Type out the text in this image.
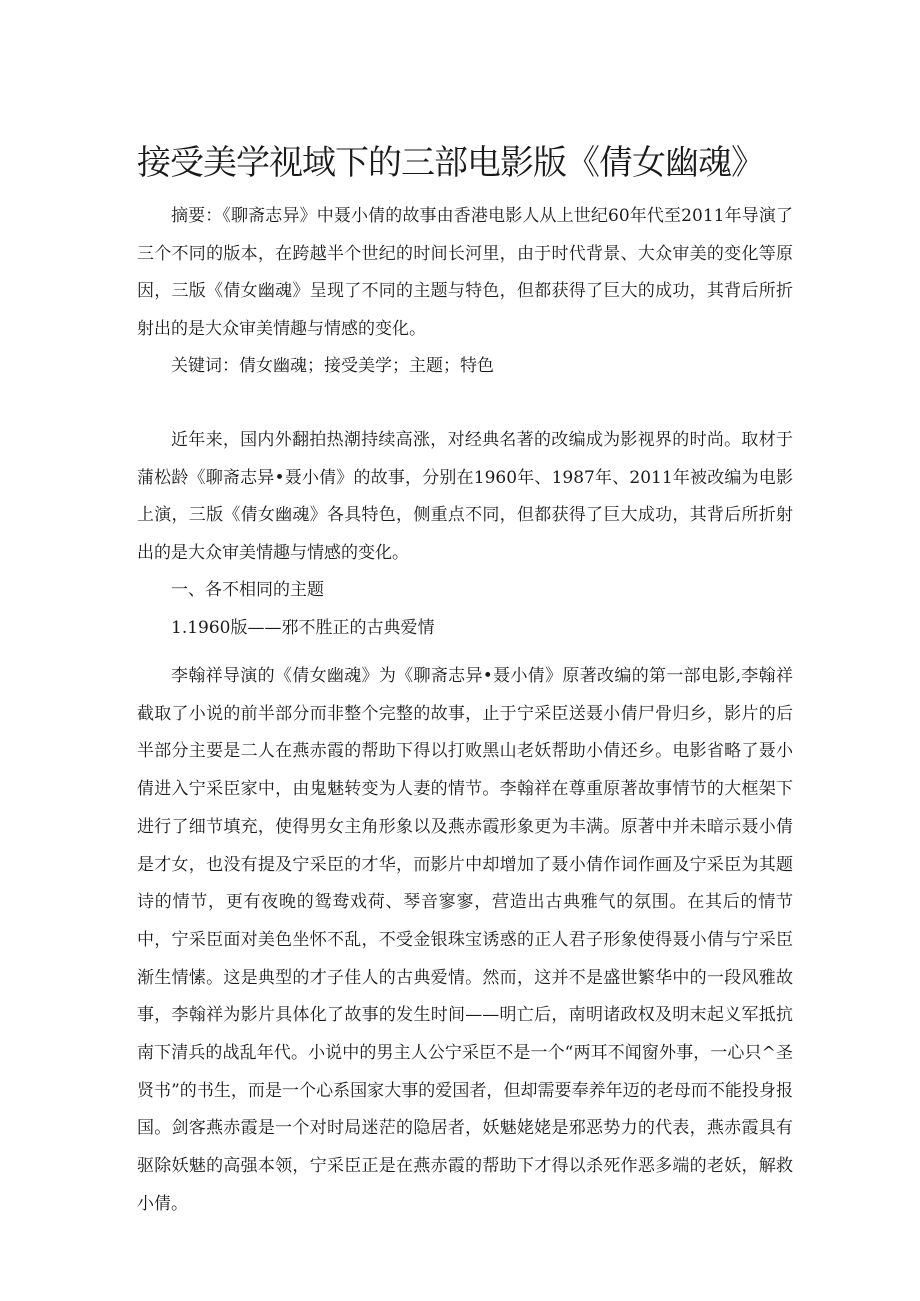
接受美学视域下的三部电影版《倩女幽魂》

摘要：《聊斋志异》中聂小倩的故事由香港电影人从上世纪60年代至2011年导演了三个不同的版本，在跨越半个世纪的时间长河里，由于时代背景、大众审美的变化等原因，三版《倩女幽魂》呈现了不同的主题与特色，但都获得了巨大的成功，其背后所折射出的是大众审美情趣与情感的变化。

关键词：倩女幽魂；接受美学；主题；特色

近年来，国内外翻拍热潮持续高涨，对经典名著的改编成为影视界的时尚。取材于蒲松龄《聊斋志异•聂小倩》的故事，分别在1960年、1987年、2011年被改编为电影上演，三版《倩女幽魂》各具特色，侧重点不同，但都获得了巨大成功，其背后所折射出的是大众审美情趣与情感的变化。

一、各不相同的主题

1.1960版——邪不胜正的古典爱情

李翰祥导演的《倩女幽魂》为《聊斋志异•聂小倩》原著改编的第一部电影,李翰祥截取了小说的前半部分而非整个完整的故事，止于宁采臣送聂小倩尸骨归乡，影片的后半部分主要是二人在燕赤霞的帮助下得以打败黑山老妖帮助小倩还乡。电影省略了聂小倩进入宁采臣家中，由鬼魅转变为人妻的情节。李翰祥在尊重原著故事情节的大框架下进行了细节填充，使得男女主角形象以及燕赤霞形象更为丰满。原著中并未暗示聂小倩是才女，也没有提及宁采臣的才华，而影片中却增加了聂小倩作词作画及宁采臣为其题诗的情节，更有夜晚的鸳鸯戏荷、琴音寥寥，营造出古典雅气的氛围。在其后的情节中，宁采臣面对美色坐怀不乱，不受金银珠宝诱惑的正人君子形象使得聂小倩与宁采臣渐生情愫。这是典型的才子佳人的古典爱情。然而，这并不是盛世繁华中的一段风雅故事，李翰祥为影片具体化了故事的发生时间——明亡后，南明诸政权及明末起义军抵抗南下清兵的战乱年代。小说中的男主人公宁采臣不是一个“两耳不闻窗外事，一心只^圣贤书”的书生，而是一个心系国家大事的爱国者，但却需要奉养年迈的老母而不能投身报国。剑客燕赤霞是一个对时局迷茫的隐居者，妖魅姥姥是邪恶势力的代表，燕赤霞具有驱除妖魅的高强本领，宁采臣正是在燕赤霞的帮助下才得以杀死作恶多端的老妖，解救小倩。
